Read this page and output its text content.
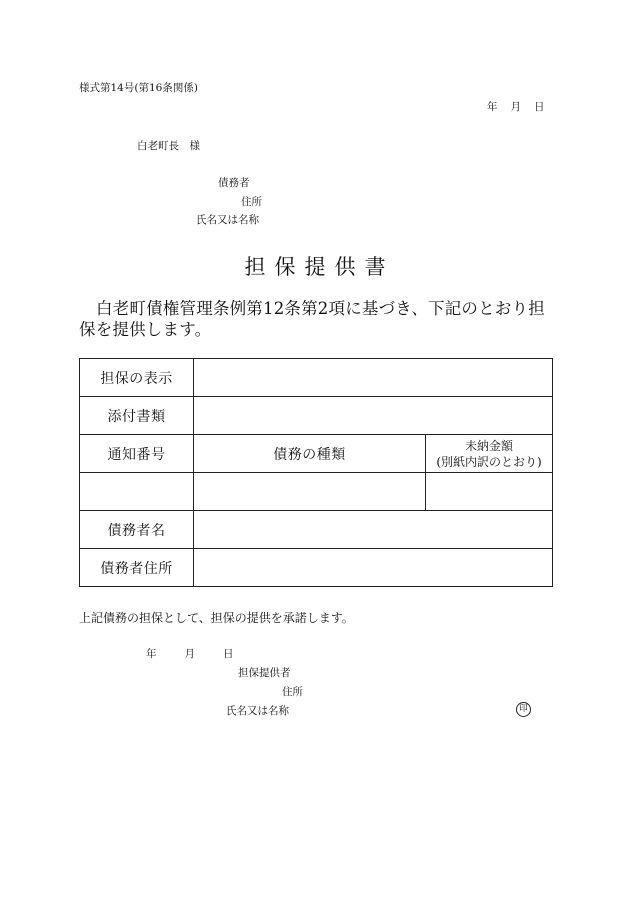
様式第14号(第16条関係)
年 月 日
白老町長　様
債務者
住所
氏名又は名称
担保提供書
白老町債権管理条例第12条第2項に基づき、下記のとおり担保を提供します。
担保の表示		
添付書類		
通知番号	債務の種類	未納金額
(別紙内訳のとおり)

債務者名		
債務者住所		
上記債務の担保として、担保の提供を承諾します。
年	月	日
担保提供者
住所
氏名又は名称	印
